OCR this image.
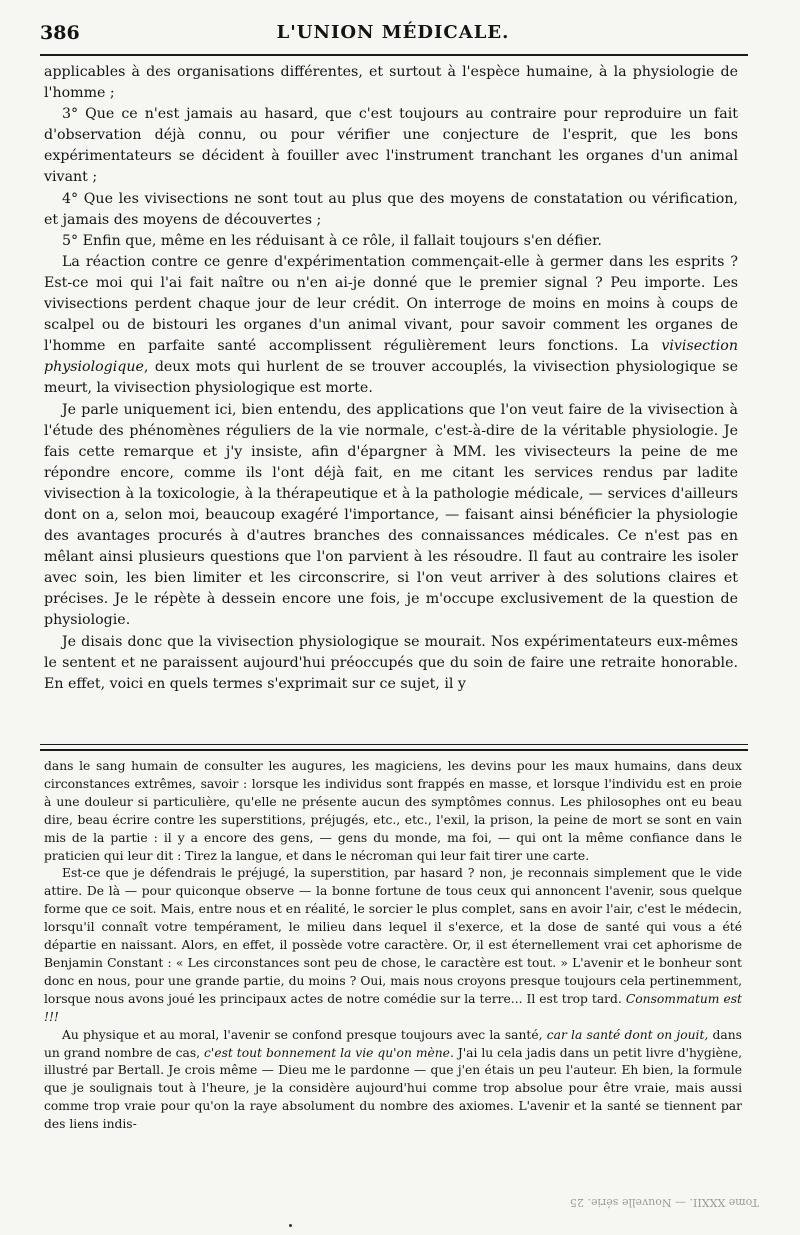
386	L'UNION MÉDICALE.

applicables à des organisations différentes, et surtout à l'espèce humaine, à la physiologie de l'homme ;

3° Que ce n'est jamais au hasard, que c'est toujours au contraire pour reproduire un fait d'observation déjà connu, ou pour vérifier une conjecture de l'esprit, que les bons expérimentateurs se décident à fouiller avec l'instrument tranchant les organes d'un animal vivant ;

4° Que les vivisections ne sont tout au plus que des moyens de constatation ou vérification, et jamais des moyens de découvertes ;

5° Enfin que, même en les réduisant à ce rôle, il fallait toujours s'en défier.

La réaction contre ce genre d'expérimentation commençait-elle à germer dans les esprits ? Est-ce moi qui l'ai fait naître ou n'en ai-je donné que le premier signal ? Peu importe. Les vivisections perdent chaque jour de leur crédit. On interroge de moins en moins à coups de scalpel ou de bistouri les organes d'un animal vivant, pour savoir comment les organes de l'homme en parfaite santé accomplissent régulièrement leurs fonctions. La vivisection physiologique, deux mots qui hurlent de se trouver accouplés, la vivisection physiologique se meurt, la vivisection physiologique est morte.

Je parle uniquement ici, bien entendu, des applications que l'on veut faire de la vivisection à l'étude des phénomènes réguliers de la vie normale, c'est-à-dire de la véritable physiologie. Je fais cette remarque et j'y insiste, afin d'épargner à MM. les vivisecteurs la peine de me répondre encore, comme ils l'ont déjà fait, en me citant les services rendus par ladite vivisection à la toxicologie, à la thérapeutique et à la pathologie médicale, — services d'ailleurs dont on a, selon moi, beaucoup exagéré l'importance, — faisant ainsi bénéficier la physiologie des avantages procurés à d'autres branches des connaissances médicales. Ce n'est pas en mêlant ainsi plusieurs questions que l'on parvient à les résoudre. Il faut au contraire les isoler avec soin, les bien limiter et les circonscrire, si l'on veut arriver à des solutions claires et précises. Je le répète à dessein encore une fois, je m'occupe exclusivement de la question de physiologie.

Je disais donc que la vivisection physiologique se mourait. Nos expérimentateurs eux-mêmes le sentent et ne paraissent aujourd'hui préoccupés que du soin de faire une retraite honorable. En effet, voici en quels termes s'exprimait sur ce sujet, il y

dans le sang humain de consulter les augures, les magiciens, les devins pour les maux humains, dans deux circonstances extrêmes, savoir : lorsque les individus sont frappés en masse, et lorsque l'individu est en proie à une douleur si particulière, qu'elle ne présente aucun des symptômes connus. Les philosophes ont eu beau dire, beau écrire contre les superstitions, préjugés, etc., etc., l'exil, la prison, la peine de mort se sont en vain mis de la partie : il y a encore des gens, — gens du monde, ma foi, — qui ont la même confiance dans le praticien qui leur dit : Tirez la langue, et dans le nécroman qui leur fait tirer une carte.

Est-ce que je défendrais le préjugé, la superstition, par hasard ? non, je reconnais simplement que le vide attire. De là — pour quiconque observe — la bonne fortune de tous ceux qui annoncent l'avenir, sous quelque forme que ce soit. Mais, entre nous et en réalité, le sorcier le plus complet, sans en avoir l'air, c'est le médecin, lorsqu'il connaît votre tempérament, le milieu dans lequel il s'exerce, et la dose de santé qui vous a été départie en naissant. Alors, en effet, il possède votre caractère. Or, il est éternellement vrai cet aphorisme de Benjamin Constant : « Les circonstances sont peu de chose, le caractère est tout. » L'avenir et le bonheur sont donc en nous, pour une grande partie, du moins ? Oui, mais nous croyons presque toujours cela pertinemment, lorsque nous avons joué les principaux actes de notre comédie sur la terre... Il est trop tard. Consommatum est !!!

Au physique et au moral, l'avenir se confond presque toujours avec la santé, car la santé dont on jouit, dans un grand nombre de cas, c'est tout bonnement la vie qu'on mène. J'ai lu cela jadis dans un petit livre d'hygiène, illustré par Bertall. Je crois même — Dieu me le pardonne — que j'en étais un peu l'auteur. Eh bien, la formule que je soulignais tout à l'heure, je la considère aujourd'hui comme trop absolue pour être vraie, mais aussi comme trop vraie pour qu'on la raye absolument du nombre des axiomes. L'avenir et la santé se tiennent par des liens indis-

Tome XXXII. — Nouvelle série. 25
